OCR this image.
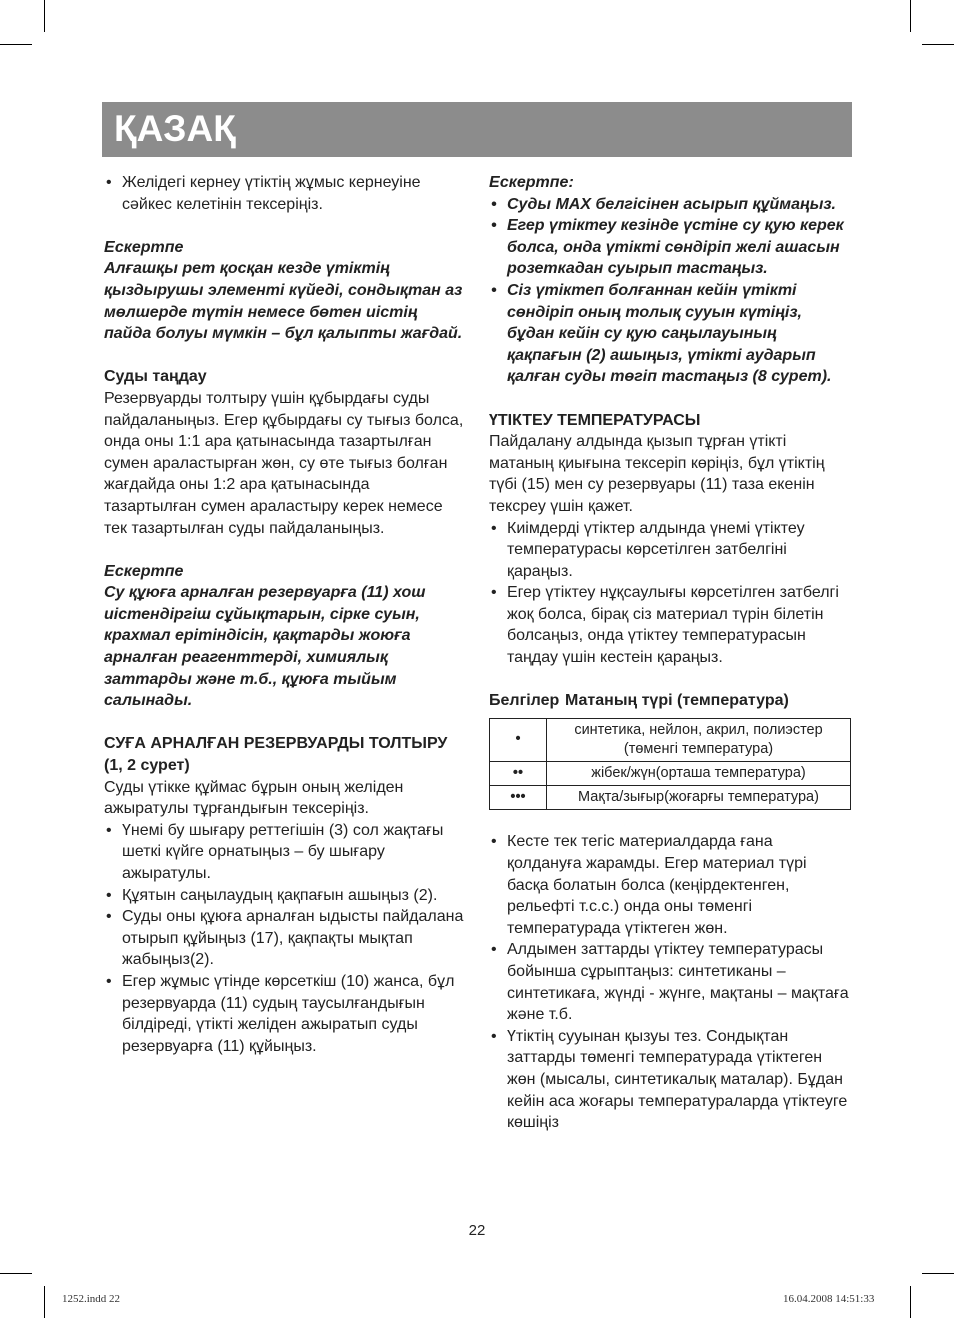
ҚАЗАҚ
• Желідегі кернеу үтіктің жұмыс кернеуіне сәйкес келетінін тексеріңіз.

Ескертпе

Алғашқы рет қосқан кезде үтіктің қыздырушы элементі күйеді, сондықтан аз мөлшерде түтін немесе бөтен иістің пайда болуы мүмкін – бұл қалыпты жағдай.

Суды таңдау

Резервуарды толтыру үшін құбырдағы суды пайдаланыңыз. Егер құбырдағы су тығыз болса, онда оны 1:1 ара қатынасында тазартылған сумен араластырған жөн, су өте тығыз болған жағдайда оны 1:2 ара қатынасында тазартылған сумен араластыру керек немесе тек тазартылған суды пайдаланыңыз.

Ескертпе

Су құюға арналған резервуарға (11) хош иістендіргіш сұйықтарын, сірке суын, крахмал ерітіндісін, қақтарды жоюға арналған реагенттерді, химиялық заттарды және т.б., құюға тыйым салынады.

СУҒА АРНАЛҒАН РЕЗЕРВУАРДЫ ТОЛТЫРУ (1, 2 сурет)

Суды үтікке құймас бұрын оның желіден ажыратулы тұрғандығын тексеріңіз.

• Үнемі бу шығару реттегішін (3) сол жақтағы шеткі күйге орнатыңыз – бу шығару ажыратулы.
• Құятын саңылаудың қақпағын ашыңыз (2).
• Суды оны құюға арналған ыдысты пайдалана отырып құйыңыз (17), қақпақты мықтап жабыңыз(2).
• Егер жұмыс үтінде көрсеткіш (10) жанса, бұл резервуарда (11) судың таусылғандығын білдіреді, үтікті желіден ажыратып суды резервуарға (11) құйыңыз.

Ескертпе:

• Суды MAX белгісінен асырып құймаңыз.
• Егер үтіктеу кезінде үстіне су қую керек болса, онда үтікті сөндіріп желі ашасын розеткадан суырып тастаңыз.
• Сіз үтіктеп болғаннан кейін үтікті сөндіріп оның толық сууын күтіңіз, бұдан кейін су қую саңылауының қақпағын (2) ашыңыз, үтікті аударып қалған суды төгіп тастаңыз (8 сурет).

ҮТІКТЕУ ТЕМПЕРАТУРАСЫ

Пайдалану алдында қызып тұрған үтікті матаның қиығына тексеріп көріңіз, бұл үтіктің түбі (15) мен су резервуары (11) таза екенін тексреу үшін қажет.

• Киімдерді үтіктер алдында үнемі үтіктеу температурасы көрсетілген затбелгіні қараңыз.
• Егер үтіктеу нұқсаулығы көрсетілген затбелгі жоқ болса, бірақ сіз материал түрін білетін болсаңыз, онда үтіктеу температурасын таңдау үшін кестеін қараңыз.
Белгілер Матаның түрі (температура)
•	синтетика, нейлон, акрил, полиэстер (төменгі температура)
••	жібек/жүн(орташа температура)
•••	Мақта/зығыр(жоғарғы температура)
• Кесте тек тегіс материалдарда ғана қолдануға жарамды. Егер материал түрі басқа болатын болса (кеңірдектенген, рельефті т.с.с.) онда оны төменгі температурада үтіктеген жөн.
• Алдымен заттарды үтіктеу температурасы бойынша сұрыптаңыз: синтетиканы – синтетикаға, жүнді - жүнге, мақтаны – мақтаға және т.б.
• Үтіктің сууынан қызуы тез. Сондықтан заттарды төменгі температурада үтіктеген жөн (мысалы, синтетикалық маталар). Бұдан кейін аса жоғары температураларда үтіктеуге көшіңіз
22
1252.indd 22	16.04.2008 14:51:33
